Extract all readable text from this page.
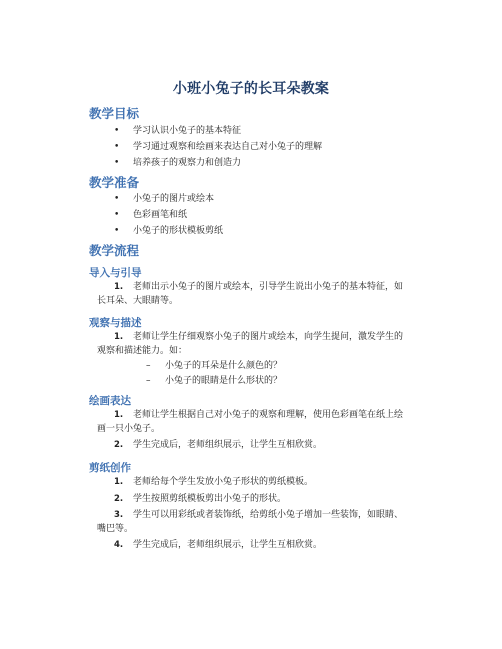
小班小兔子的长耳朵教案
教学目标
• 学习认识小兔子的基本特征
• 学习通过观察和绘画来表达自己对小兔子的理解
• 培养孩子的观察力和创造力
教学准备
• 小兔子的图片或绘本
• 色彩画笔和纸
• 小兔子的形状模板剪纸
教学流程
导入与引导
1. 老师出示小兔子的图片或绘本，引导学生说出小兔子的基本特征，如
长耳朵、大眼睛等。
观察与描述
1. 老师让学生仔细观察小兔子的图片或绘本，向学生提问，激发学生的
观察和描述能力。如：
– 小兔子的耳朵是什么颜色的？
– 小兔子的眼睛是什么形状的？
绘画表达
1. 老师让学生根据自己对小兔子的观察和理解，使用色彩画笔在纸上绘
画一只小兔子。
2. 学生完成后，老师组织展示，让学生互相欣赏。
剪纸创作
1. 老师给每个学生发放小兔子形状的剪纸模板。
2. 学生按照剪纸模板剪出小兔子的形状。
3. 学生可以用彩纸或者装饰纸，给剪纸小兔子增加一些装饰，如眼睛、
嘴巴等。
4. 学生完成后，老师组织展示，让学生互相欣赏。
